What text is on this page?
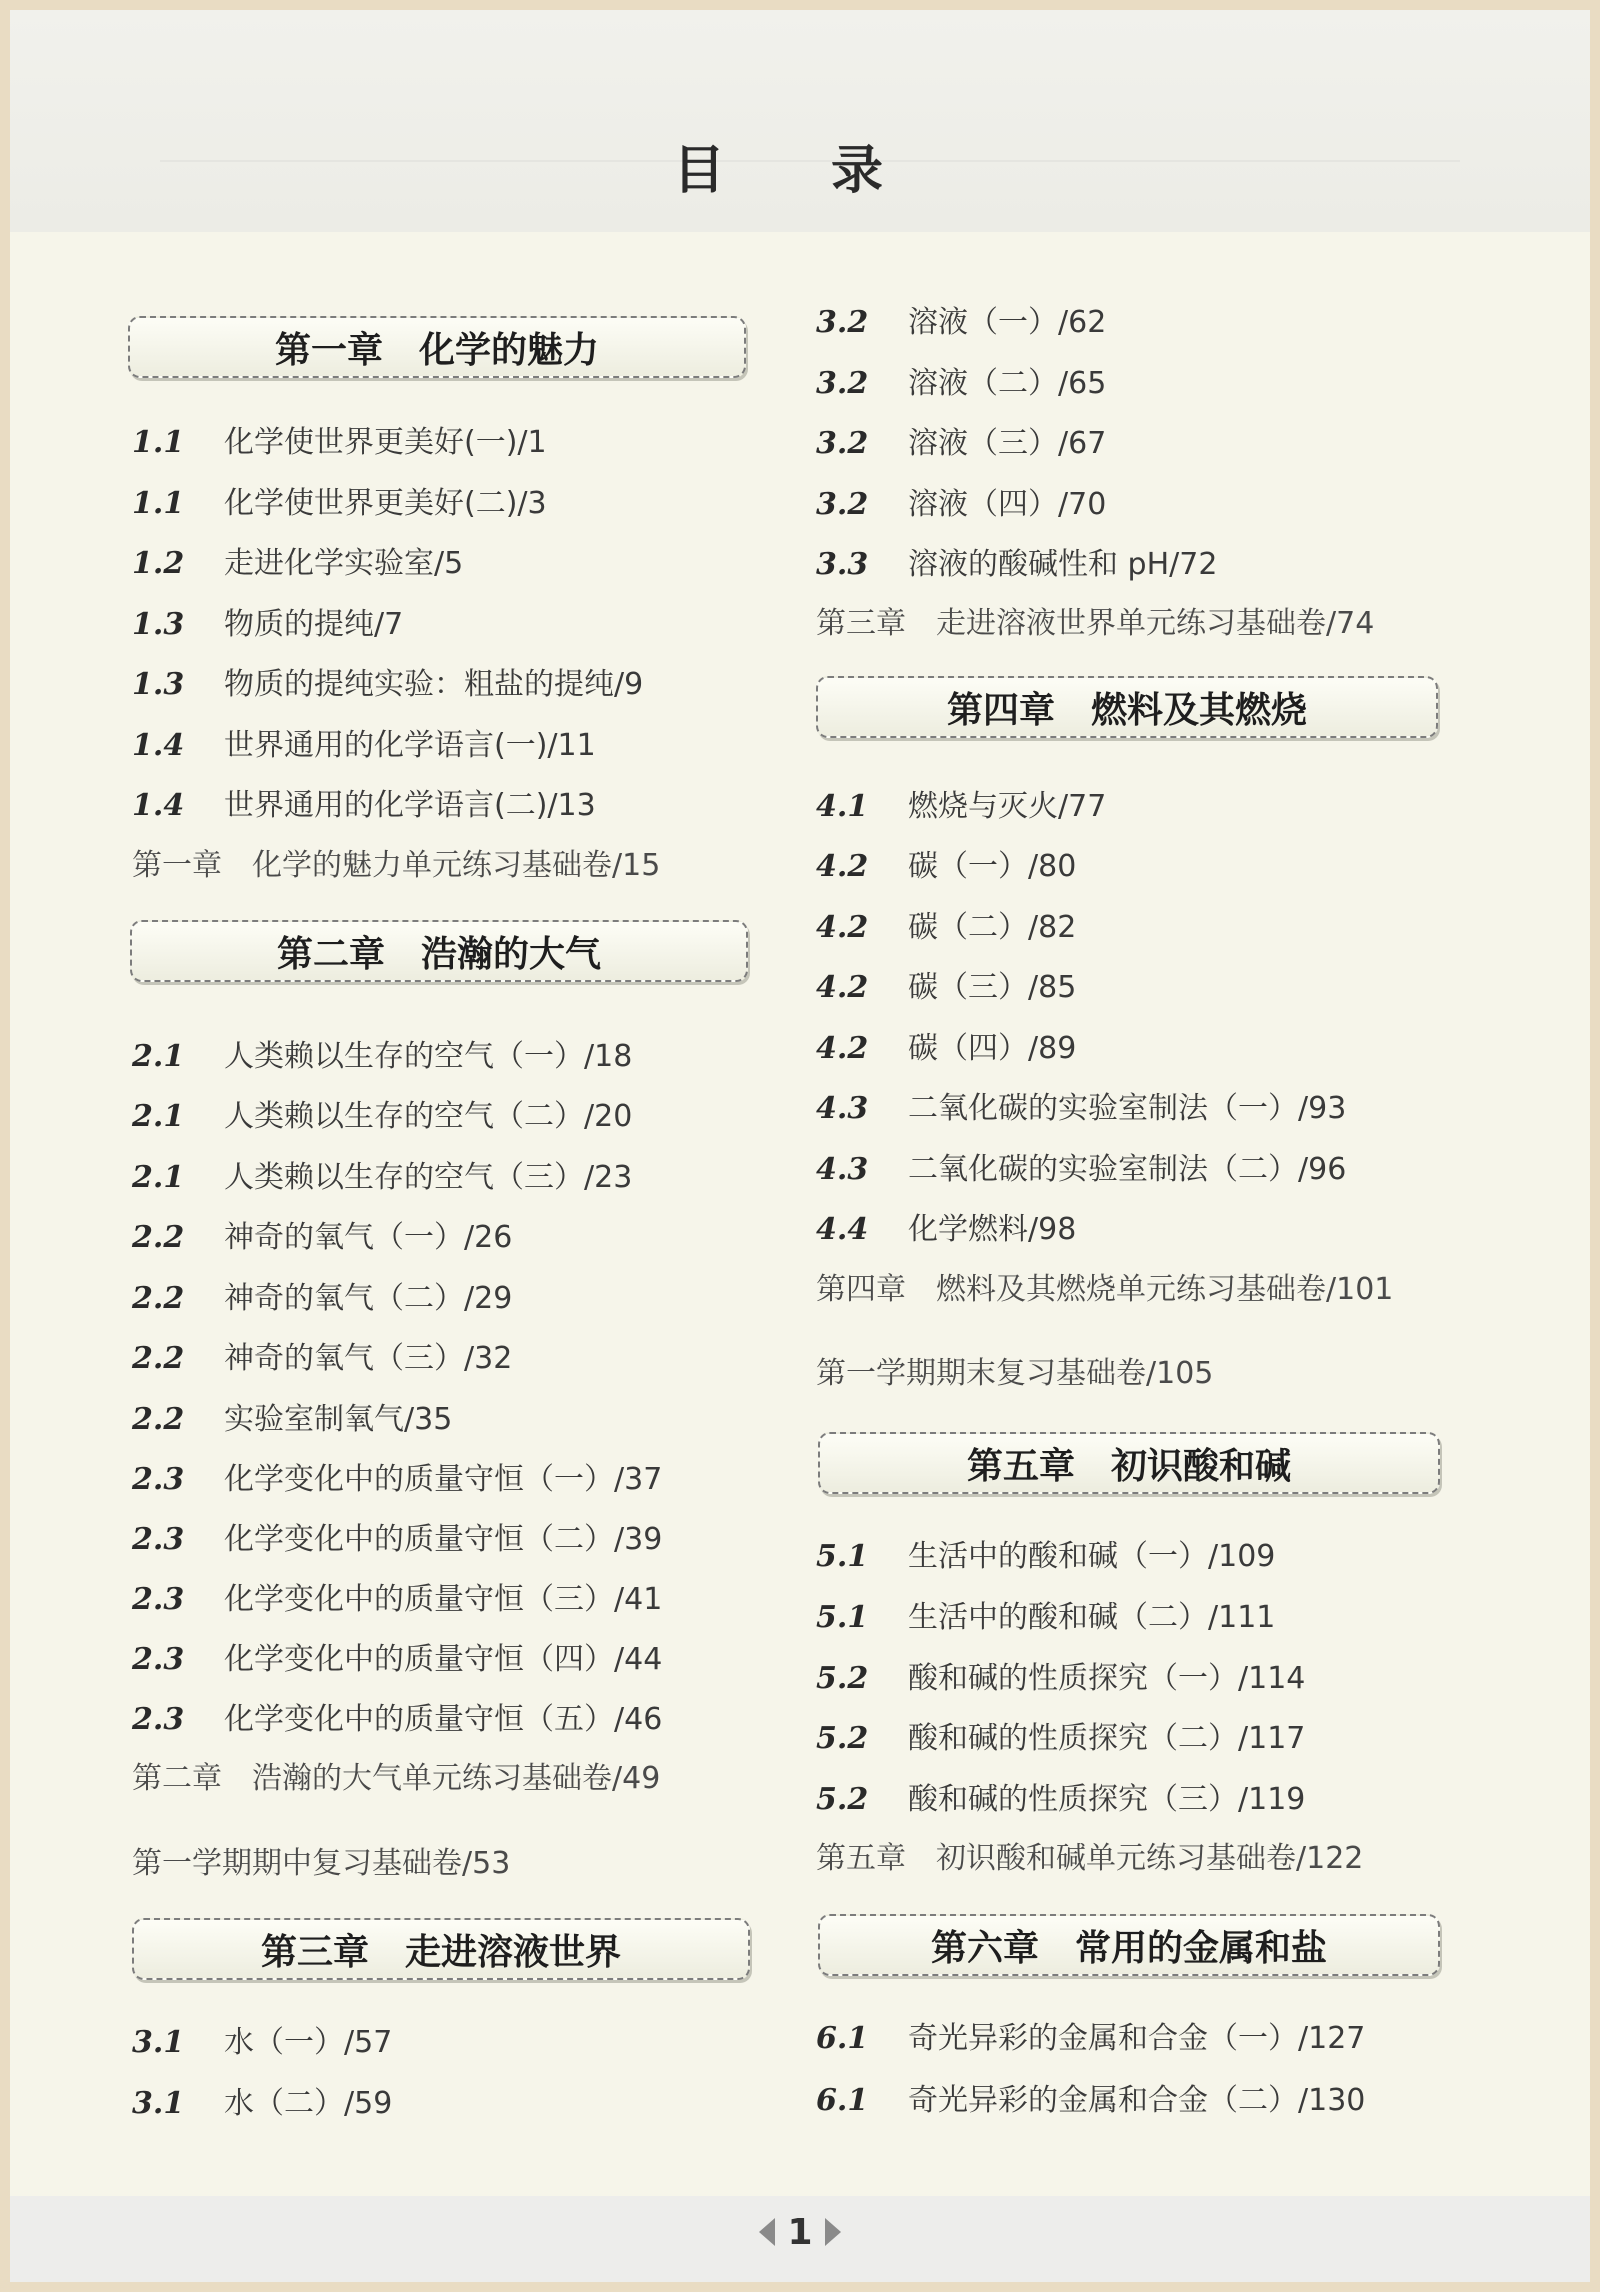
目 录
第一章　化学的魅力
1.1 化学使世界更美好(一)/1
1.1 化学使世界更美好(二)/3
1.2 走进化学实验室/5
1.3 物质的提纯/7
1.3 物质的提纯实验：粗盐的提纯/9
1.4 世界通用的化学语言(一)/11
1.4 世界通用的化学语言(二)/13
第一章　化学的魅力单元练习基础卷/15
第二章　浩瀚的大气
2.1 人类赖以生存的空气（一）/18
2.1 人类赖以生存的空气（二）/20
2.1 人类赖以生存的空气（三）/23
2.2 神奇的氧气（一）/26
2.2 神奇的氧气（二）/29
2.2 神奇的氧气（三）/32
2.2 实验室制氧气/35
2.3 化学变化中的质量守恒（一）/37
2.3 化学变化中的质量守恒（二）/39
2.3 化学变化中的质量守恒（三）/41
2.3 化学变化中的质量守恒（四）/44
2.3 化学变化中的质量守恒（五）/46
第二章　浩瀚的大气单元练习基础卷/49
第一学期期中复习基础卷/53
第三章　走进溶液世界
3.1 水（一）/57
3.1 水（二）/59
3.2 溶液（一）/62
3.2 溶液（二）/65
3.2 溶液（三）/67
3.2 溶液（四）/70
3.3 溶液的酸碱性和 pH/72
第三章　走进溶液世界单元练习基础卷/74
第四章　燃料及其燃烧
4.1 燃烧与灭火/77
4.2 碳（一）/80
4.2 碳（二）/82
4.2 碳（三）/85
4.2 碳（四）/89
4.3 二氧化碳的实验室制法（一）/93
4.3 二氧化碳的实验室制法（二）/96
4.4 化学燃料/98
第四章　燃料及其燃烧单元练习基础卷/101
第一学期期末复习基础卷/105
第五章　初识酸和碱
5.1 生活中的酸和碱（一）/109
5.1 生活中的酸和碱（二）/111
5.2 酸和碱的性质探究（一）/114
5.2 酸和碱的性质探究（二）/117
5.2 酸和碱的性质探究（三）/119
第五章　初识酸和碱单元练习基础卷/122
第六章　常用的金属和盐
6.1 奇光异彩的金属和合金（一）/127
6.1 奇光异彩的金属和合金（二）/130
1
